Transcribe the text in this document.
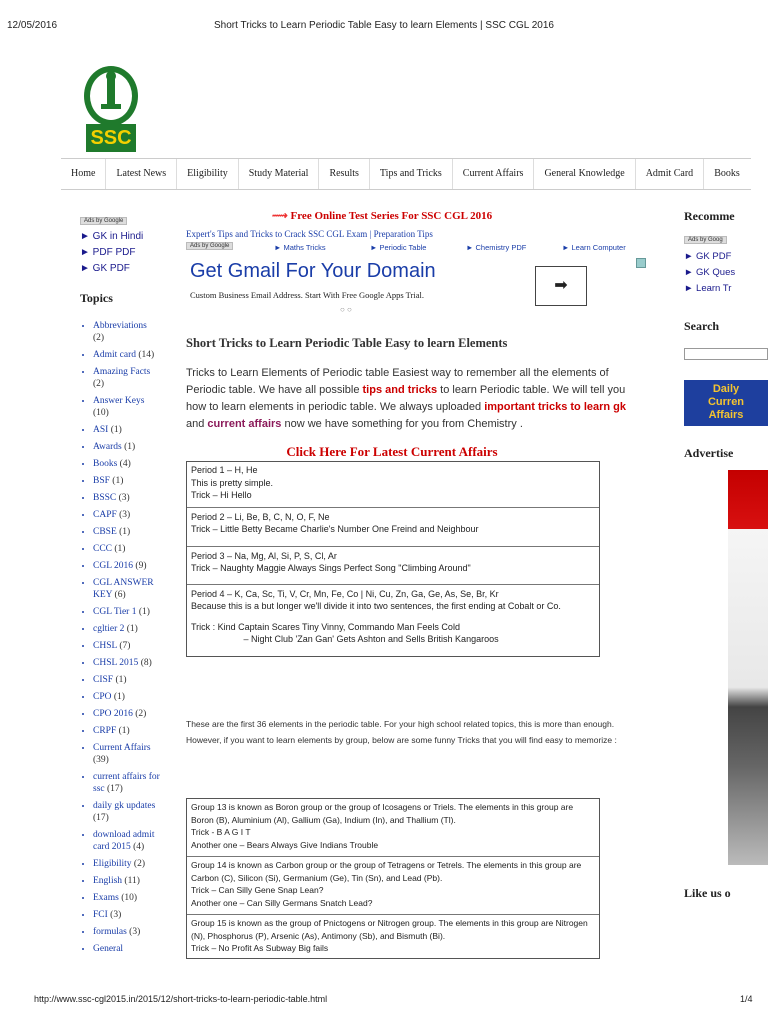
12/05/2016	Short Tricks to Learn Periodic Table Easy to learn Elements | SSC CGL 2016
SSC
Home	Latest News	Eligibility	Study Material	Results	Tips and Tricks	Current Affairs	General Knowledge	Admit Card	Books
Ads by Google
► GK in Hindi
► PDF PDF
► GK PDF
Topics
• Abbreviations (2)
• Admit card (14)
• Amazing Facts (2)
• Answer Keys (10)
• ASI (1)
• Awards (1)
• Books (4)
• BSF (1)
• BSSC (3)
• CAPF (3)
• CBSE (1)
• CCC (1)
• CGL 2016 (9)
• CGL ANSWER KEY (6)
• CGL Tier 1 (1)
• cgltier 2 (1)
• CHSL (7)
• CHSL 2015 (8)
• CISF (1)
• CPO (1)
• CPO 2016 (2)
• CRPF (1)
• Current Affairs (39)
• current affairs for ssc (17)
• daily gk updates (17)
• download admit card 2015 (4)
• Eligibility (2)
• English (11)
• Exams (10)
• FCI (3)
• formulas (3)
• General
⟿ Free Online Test Series For SSC CGL 2016
Expert's Tips and Tricks to Crack SSC CGL Exam | Preparation Tips
Ads by Google	► Maths Tricks	► Periodic Table	► Chemistry PDF	► Learn Computer
Get Gmail For Your Domain
Custom Business Email Address. Start With Free Google Apps Trial.
➡
○ ○
Short Tricks to Learn Periodic Table Easy to learn Elements
Tricks to Learn Elements of Periodic table Easiest way to remember all the elements of Periodic table. We have all possible tips and tricks to learn Periodic table. We will tell you how to learn elements in periodic table. We always uploaded important tricks to learn gk and current affairs now we have something for you from Chemistry .
Click Here For Latest Current Affairs
Period 1 – H, He
This is pretty simple.
Trick – Hi Hello
Period 2 – Li, Be, B, C, N, O, F, Ne
Trick – Little Betty Became Charlie's Number One Freind and Neighbour
Period 3 – Na, Mg, Al, Si, P, S, Cl, Ar
Trick – Naughty Maggie Always Sings Perfect Song "Climbing Around"
Period 4 – K, Ca, Sc, Ti, V, Cr, Mn, Fe, Co | Ni, Cu, Zn, Ga, Ge, As, Se, Br, Kr
Because this is a but longer we'll divide it into two sentences, the first ending at Cobalt or Co.
Trick : Kind Captain Scares Tiny Vinny, Commando Man Feels Cold
– Night Club 'Zan Gan' Gets Ashton and Sells British Kangaroos
These are the first 36 elements in the periodic table. For your high school related topics, this is more than enough. However, if you want to learn elements by group, below are some funny Tricks that you will find easy to memorize :
Group 13 is known as Boron group or the group of Icosagens or Triels. The elements in this group are Boron (B), Aluminium (Al), Gallium (Ga), Indium (In), and Thallium (Tl).
Trick - B A G I T
Another one – Bears Always Give Indians Trouble
Group 14 is known as Carbon group or the group of Tetragens or Tetrels. The elements in this group are Carbon (C), Silicon (Si), Germanium (Ge), Tin (Sn), and Lead (Pb).
Trick – Can Silly Gene Snap Lean?
Another one – Can Silly Germans Snatch Lead?
Group 15 is known as the group of Pnictogens or Nitrogen group. The elements in this group are Nitrogen (N), Phosphorus (P), Arsenic (As), Antimony (Sb), and Bismuth (Bi).
Trick – No Profit As Subway Big fails
Recomme
Ads by Goog
► GK PDF
► GK Ques
► Learn Tr
Search
Daily
Curren
Affairs
Advertise
Like us o
http://www.ssc-cgl2015.in/2015/12/short-tricks-to-learn-periodic-table.html	1/4
